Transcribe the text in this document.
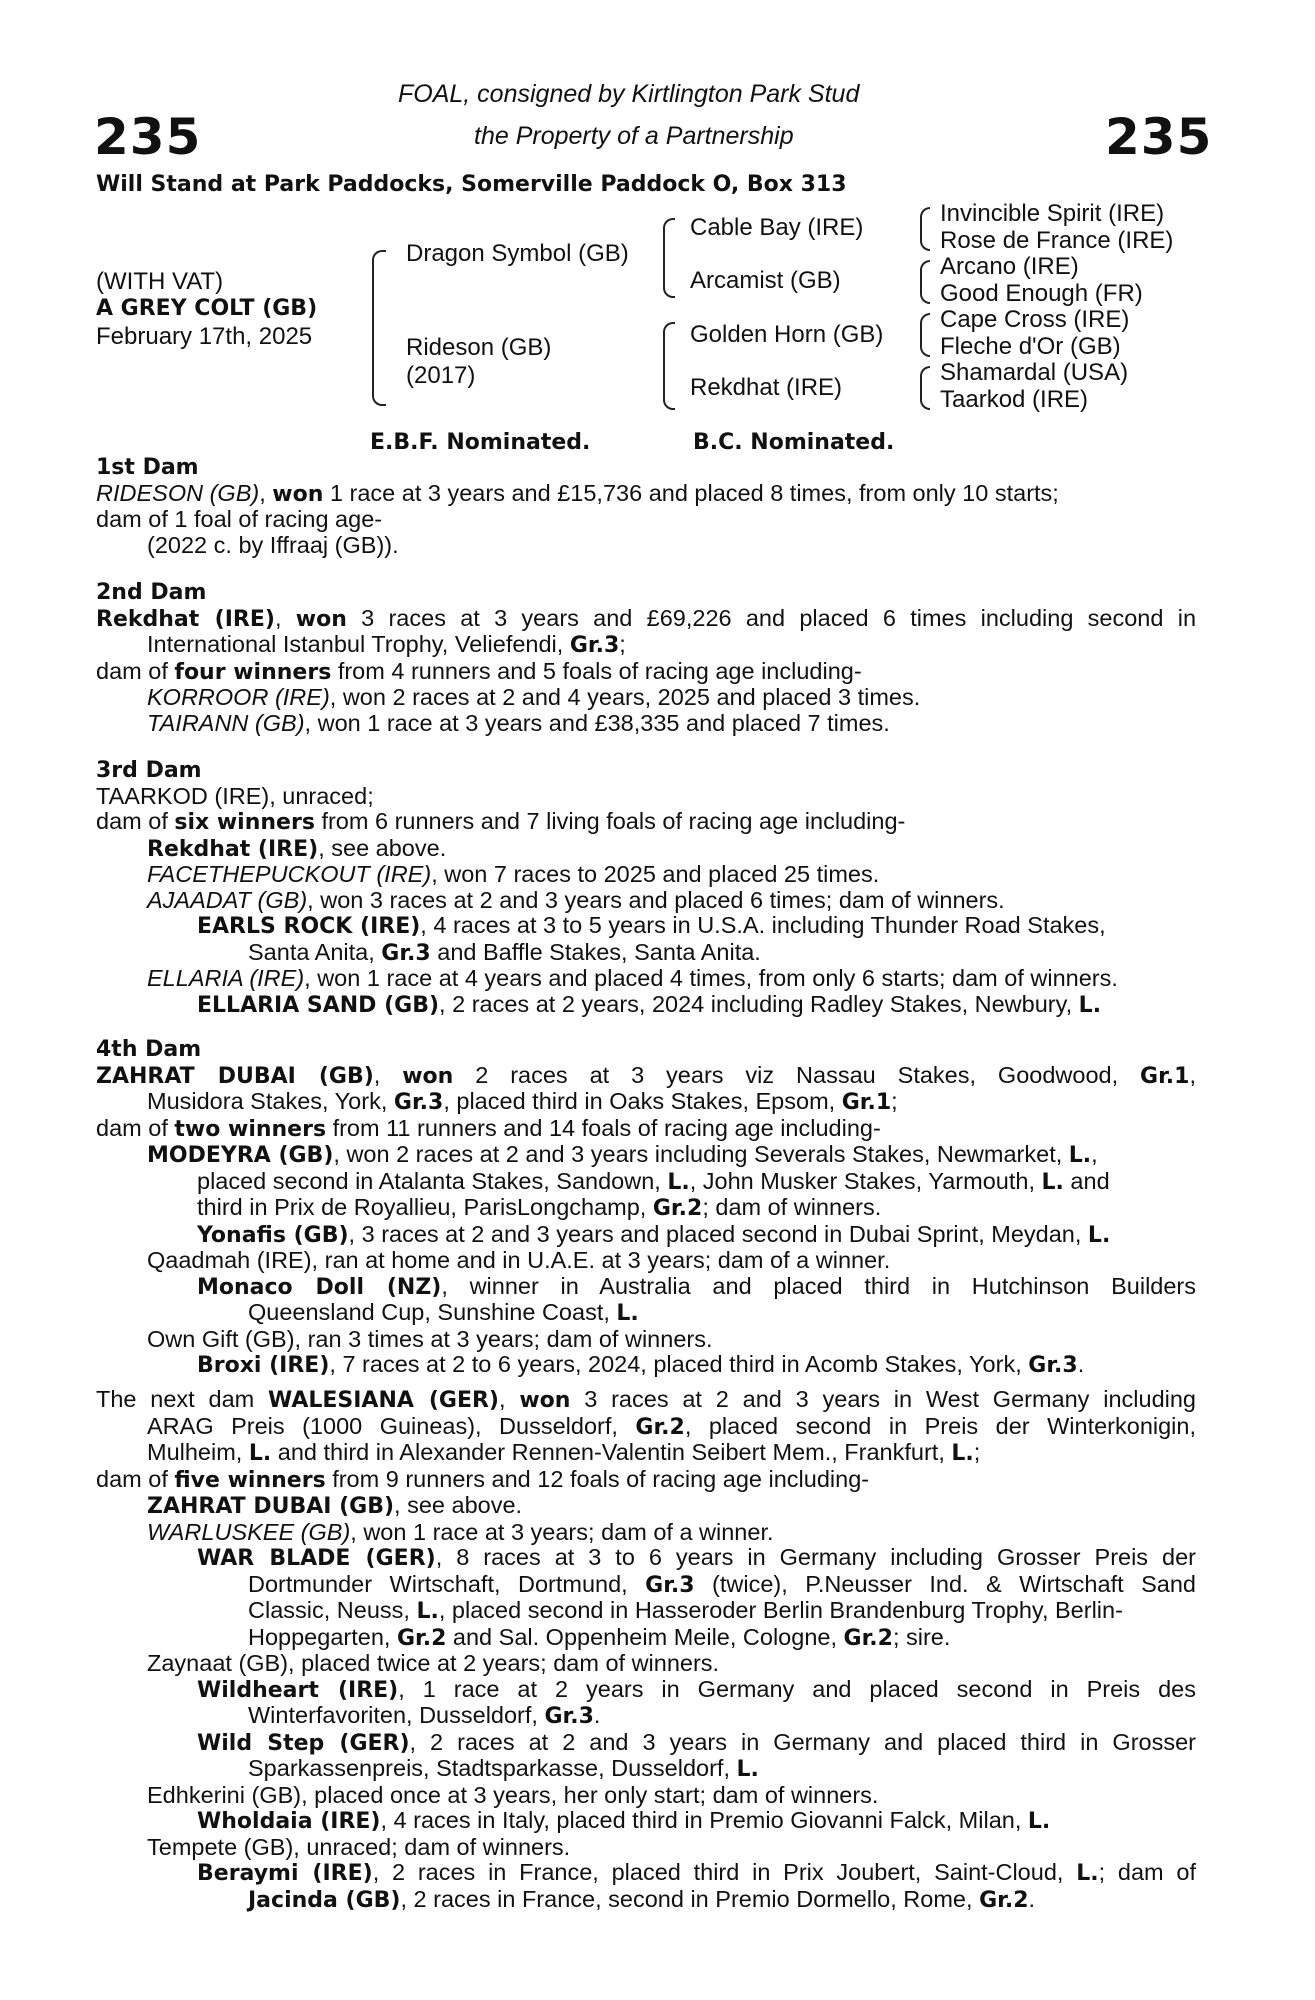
235	235
FOAL, consigned by Kirtlington Park Stud
the Property of a Partnership
Will Stand at Park Paddocks, Somerville Paddock O, Box 313
(WITH VAT)
A GREY COLT (GB)
February 17th, 2025
Dragon Symbol (GB)
Rideson (GB)
(2017)
Cable Bay (IRE)
Arcamist (GB)
Golden Horn (GB)
Rekdhat (IRE)
Invincible Spirit (IRE)
Rose de France (IRE)
Arcano (IRE)
Good Enough (FR)
Cape Cross (IRE)
Fleche d'Or (GB)
Shamardal (USA)
Taarkod (IRE)
E.B.F. Nominated.	B.C. Nominated.
1st Dam
RIDESON (GB), won 1 race at 3 years and £15,736 and placed 8 times, from only 10 starts;
dam of 1 foal of racing age-
(2022 c. by Iffraaj (GB)).
2nd Dam
Rekdhat (IRE), won 3 races at 3 years and £69,226 and placed 6 times including second in
International Istanbul Trophy, Veliefendi, Gr.3;
dam of four winners from 4 runners and 5 foals of racing age including-
KORROOR (IRE), won 2 races at 2 and 4 years, 2025 and placed 3 times.
TAIRANN (GB), won 1 race at 3 years and £38,335 and placed 7 times.
3rd Dam
TAARKOD (IRE), unraced;
dam of six winners from 6 runners and 7 living foals of racing age including-
Rekdhat (IRE), see above.
FACETHEPUCKOUT (IRE), won 7 races to 2025 and placed 25 times.
AJAADAT (GB), won 3 races at 2 and 3 years and placed 6 times; dam of winners.
EARLS ROCK (IRE), 4 races at 3 to 5 years in U.S.A. including Thunder Road Stakes,
Santa Anita, Gr.3 and Baffle Stakes, Santa Anita.
ELLARIA (IRE), won 1 race at 4 years and placed 4 times, from only 6 starts; dam of winners.
ELLARIA SAND (GB), 2 races at 2 years, 2024 including Radley Stakes, Newbury, L.
4th Dam
ZAHRAT DUBAI (GB), won 2 races at 3 years viz Nassau Stakes, Goodwood, Gr.1,
Musidora Stakes, York, Gr.3, placed third in Oaks Stakes, Epsom, Gr.1;
dam of two winners from 11 runners and 14 foals of racing age including-
MODEYRA (GB), won 2 races at 2 and 3 years including Severals Stakes, Newmarket, L.,
placed second in Atalanta Stakes, Sandown, L., John Musker Stakes, Yarmouth, L. and
third in Prix de Royallieu, ParisLongchamp, Gr.2; dam of winners.
Yonafis (GB), 3 races at 2 and 3 years and placed second in Dubai Sprint, Meydan, L.
Qaadmah (IRE), ran at home and in U.A.E. at 3 years; dam of a winner.
Monaco Doll (NZ), winner in Australia and placed third in Hutchinson Builders
Queensland Cup, Sunshine Coast, L.
Own Gift (GB), ran 3 times at 3 years; dam of winners.
Broxi (IRE), 7 races at 2 to 6 years, 2024, placed third in Acomb Stakes, York, Gr.3.
The next dam WALESIANA (GER), won 3 races at 2 and 3 years in West Germany including
ARAG Preis (1000 Guineas), Dusseldorf, Gr.2, placed second in Preis der Winterkonigin,
Mulheim, L. and third in Alexander Rennen-Valentin Seibert Mem., Frankfurt, L.;
dam of five winners from 9 runners and 12 foals of racing age including-
ZAHRAT DUBAI (GB), see above.
WARLUSKEE (GB), won 1 race at 3 years; dam of a winner.
WAR BLADE (GER), 8 races at 3 to 6 years in Germany including Grosser Preis der
Dortmunder Wirtschaft, Dortmund, Gr.3 (twice), P.Neusser Ind. & Wirtschaft Sand
Classic, Neuss, L., placed second in Hasseroder Berlin Brandenburg Trophy, Berlin-
Hoppegarten, Gr.2 and Sal. Oppenheim Meile, Cologne, Gr.2; sire.
Zaynaat (GB), placed twice at 2 years; dam of winners.
Wildheart (IRE), 1 race at 2 years in Germany and placed second in Preis des
Winterfavoriten, Dusseldorf, Gr.3.
Wild Step (GER), 2 races at 2 and 3 years in Germany and placed third in Grosser
Sparkassenpreis, Stadtsparkasse, Dusseldorf, L.
Edhkerini (GB), placed once at 3 years, her only start; dam of winners.
Wholdaia (IRE), 4 races in Italy, placed third in Premio Giovanni Falck, Milan, L.
Tempete (GB), unraced; dam of winners.
Beraymi (IRE), 2 races in France, placed third in Prix Joubert, Saint-Cloud, L.; dam of
Jacinda (GB), 2 races in France, second in Premio Dormello, Rome, Gr.2.
